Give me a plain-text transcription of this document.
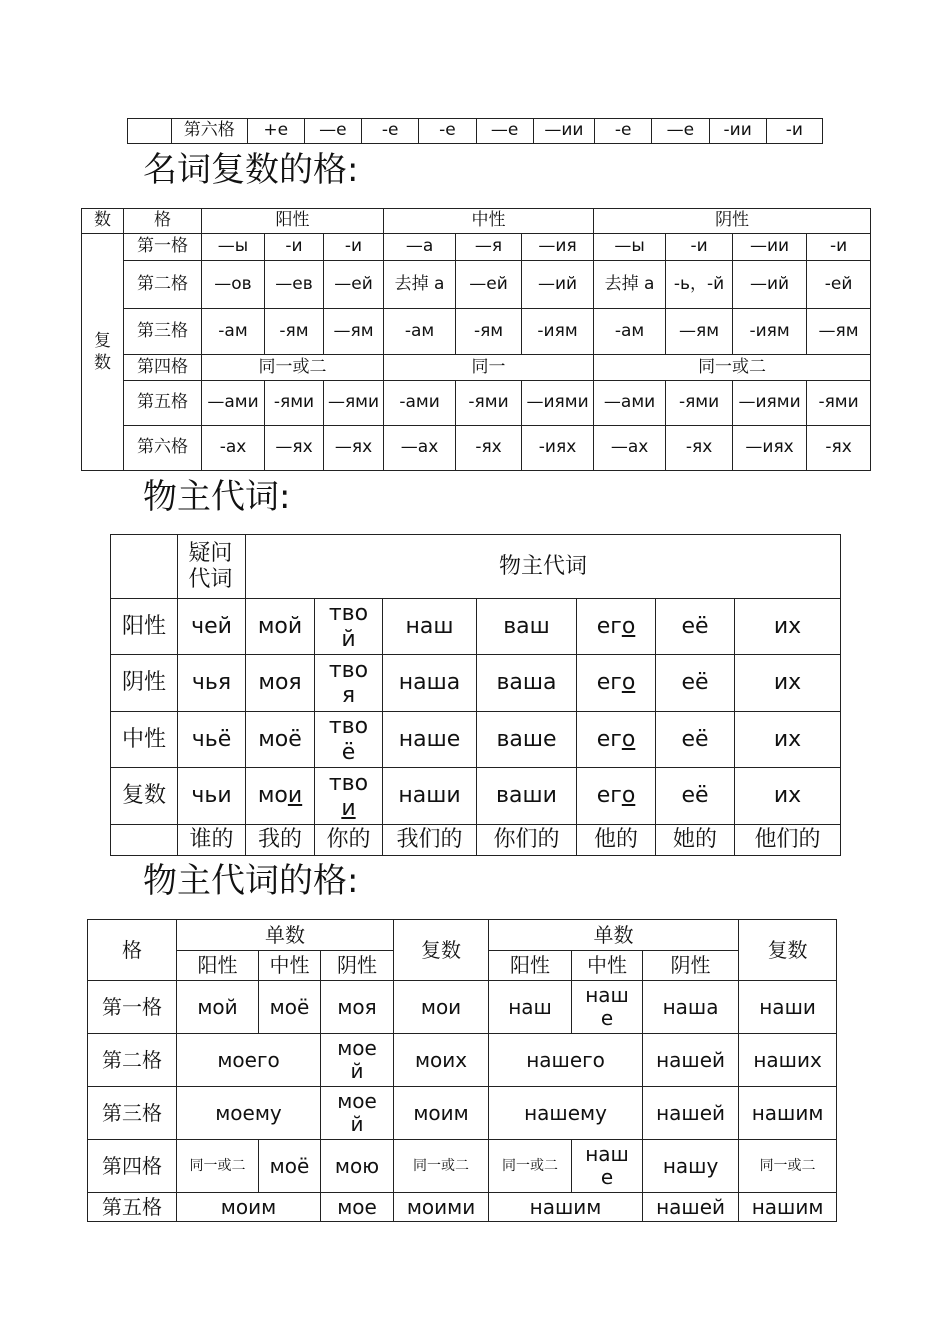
	第六格	+е	—е	-е	-е	—е	—ии	-е	—е	-ии	-и
名词复数的格:
数	格	阳性			中性			阴性			
复数	第一格	—ы	-и	-и	—а	—я	—ия	—ы	-и	—ии	-и
	第二格	—ов	—ев	—ей	去掉 а	—ей	—ий	去掉 а	-ь，-й	—ий	-ей
	第三格	-ам	-ям	—ям	-ам	-ям	-иям	-ам	—ям	-иям	—ям
	第四格	同一或二			同一			同一或二			
	第五格	—ами	-ями	—ями	-ами	-ями	—иями	—ами	-ями	—иями	-ями
	第六格	-ах	—ях	—ях	—ах	-ях	-иях	—ах	-ях	—иях	-ях
物主代词:
	疑问代词	物主代词						
阳性	чей	мой	твой	наш	ваш	его	её	их
阴性	чья	моя	твоя	наша	ваша	его	её	их
中性	чьё	моё	твоё	наше	ваше	его	её	их
复数	чьи	мои	твои	наши	ваши	его	её	их
	谁的	我的	你的	我们的	你们的	他的	她的	他们的
物主代词的格:
格	单数			复数	单数			复数
	阳性	中性	阴性		阳性	中性	阴性	
第一格	мой	моё	моя	мои	наш	наше	наша	наши
第二格	моего		моей	моих	нашего		нашей	наших
第三格	моему		моей	моим	нашему		нашей	нашим
第四格	同一或二	моё	мою	同一或二	同一或二	наше	нашу	同一或二
第五格	моим		мое	моими	нашим		нашей	нашим
